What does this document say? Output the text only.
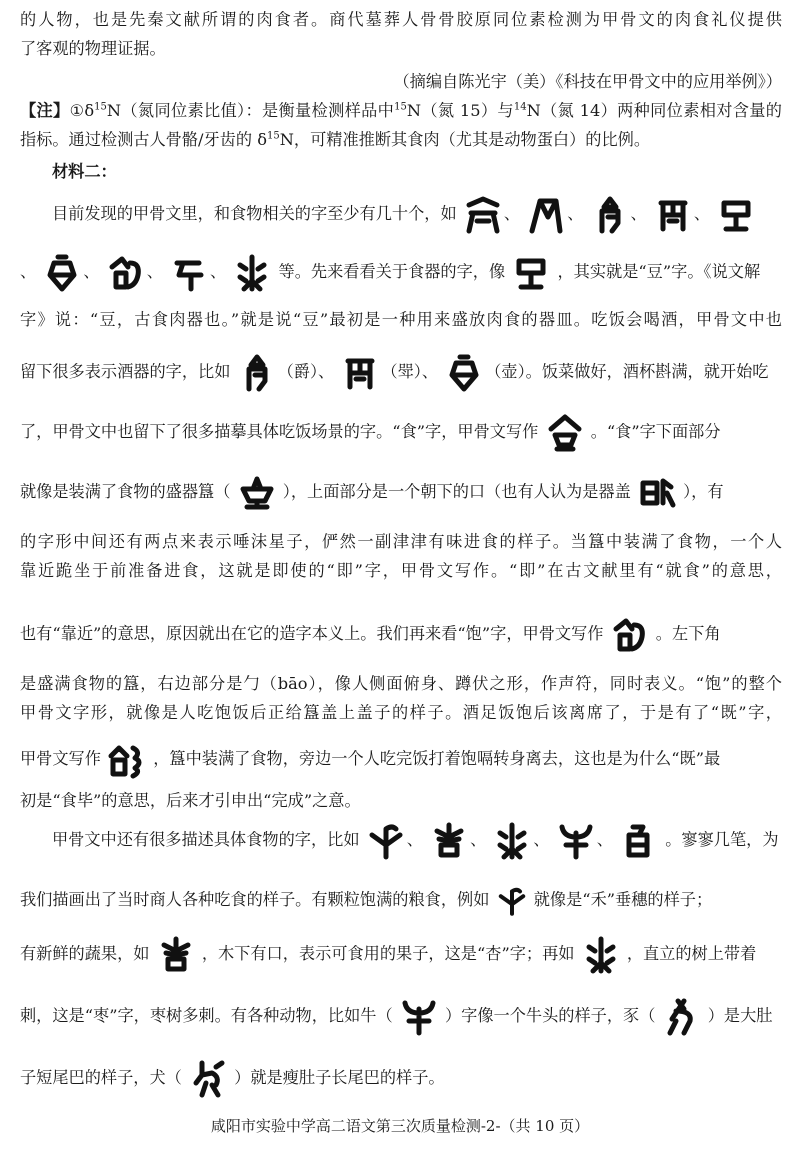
的人物，也是先秦文献所谓的肉食者。商代墓葬人骨骨胶原同位素检测为甲骨文的肉食礼仪提供
了客观的物理证据。
（摘编自陈光宇（美）《科技在甲骨文中的应用举例》）
【注】$①\delta^{15}N$（氮同位素比值）：是衡量检测样品中$^{15}$N（氮 15）与$^{14}$N（氮 14）两种同位素相对含量的
指标。通过检测古人骨骼/牙齿的 $\delta^{15}N$，可精准推断其食肉（尤其是动物蛋白）的比例。
材料二：
目前发现的甲骨文里，和食物相关的字至少有几十个，如	、	、	、	、
、	、	、	、	等。先来看看关于食器的字，像	，其实就是“豆”字。《说文解
字》说：“豆，古食肉器也。”就是说“豆”最初是一种用来盛放肉食的器皿。吃饭会喝酒，甲骨文中也
留下很多表示酒器的字，比如	（爵）、	（斝）、	（壶）。饭菜做好，酒杯斟满，就开始吃
了，甲骨文中也留下了很多描摹具体吃饭场景的字。“食”字，甲骨文写作	。“食”字下面部分
就像是装满了食物的盛器簋（	），上面部分是一个朝下的口（也有人认为是器盖	），有
的字形中间还有两点来表示唾沫星子，俨然一副津津有味进食的样子。当簋中装满了食物，一个人
靠近跪坐于前准备进食，这就是即使的“即”字，甲骨文写作。“即”在古文献里有“就食”的意思，
也有“靠近”的意思，原因就出在它的造字本义上。我们再来看“饱”字，甲骨文写作	。左下角
是盛满食物的簋，右边部分是勹（bāo），像人侧面俯身、蹲伏之形，作声符，同时表义。“饱”的整个
甲骨文字形，就像是人吃饱饭后正给簋盖上盖子的样子。酒足饭饱后该离席了，于是有了“既”字，
甲骨文写作	，簋中装满了食物，旁边一个人吃完饭打着饱嗝转身离去，这也是为什么“既”最
初是“食毕”的意思，后来才引申出“完成”之意。
甲骨文中还有很多描述具体食物的字，比如	、	、	、	、	。寥寥几笔，为
我们描画出了当时商人各种吃食的样子。有颗粒饱满的粮食，例如	就像是“禾”垂穗的样子；
有新鲜的蔬果，如	，木下有口，表示可食用的果子，这是“杏”字；再如	，直立的树上带着
刺，这是“枣”字，枣树多刺。有各种动物，比如牛（	）字像一个牛头的样子，豕（	）是大肚
子短尾巴的样子，犬（	）就是瘦肚子长尾巴的样子。
咸阳市实验中学高二语文第三次质量检测-2-（共 10 页）
